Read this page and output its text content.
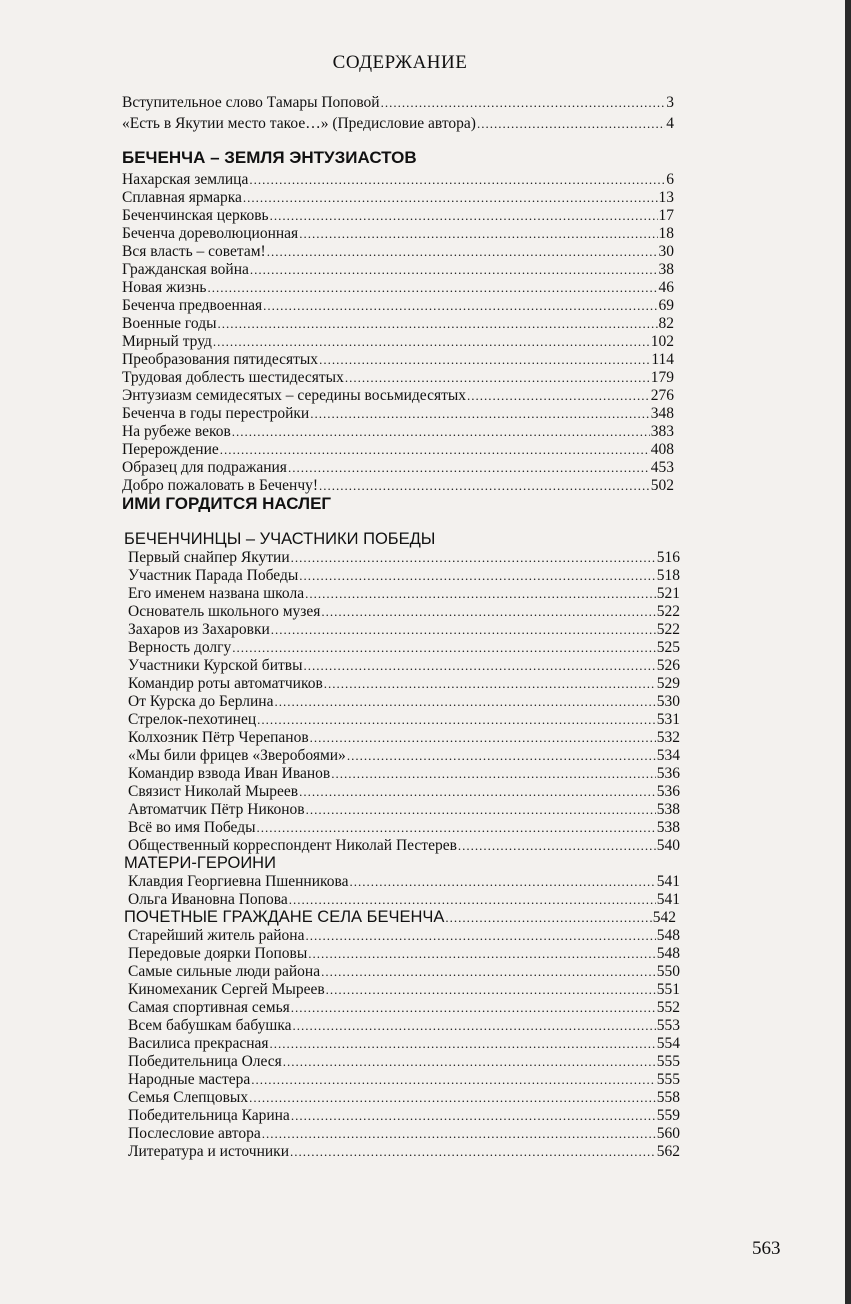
СОДЕРЖАНИЕ
Вступительное слово Тамары Поповой .....	3
«Есть в Якутии место такое…» (Предисловие автора) .....	4
БЕЧЕНЧА – ЗЕМЛЯ ЭНТУЗИАСТОВ
Нахарская землица .....	6
Сплавная ярмарка .....	13
Беченчинская церковь .....	17
Беченча дореволюционная .....	18
Вся власть – советам! .....	30
Гражданская война .....	38
Новая жизнь .....	46
Беченча предвоенная .....	69
Военные годы .....	82
Мирный труд .....	102
Преобразования пятидесятых .....	114
Трудовая доблесть шестидесятых .....	179
Энтузиазм семидесятых – середины восьмидесятых .....	276
Беченча в годы перестройки .....	348
На рубеже веков .....	383
Перерождение .....	408
Образец для подражания .....	453
Добро пожаловать в Беченчу! .....	502
ИМИ ГОРДИТСЯ НАСЛЕГ
БЕЧЕНЧИНЦЫ – УЧАСТНИКИ ПОБЕДЫ
Первый снайпер Якутии .....	516
Участник Парада Победы .....	518
Его именем названа школа .....	521
Основатель школьного музея .....	522
Захаров из Захаровки .....	522
Верность долгу .....	525
Участники Курской битвы .....	526
Командир роты автоматчиков .....	529
От Курска до Берлина .....	530
Стрелок-пехотинец .....	531
Колхозник Пётр Черепанов .....	532
«Мы били фрицев «Зверобоями» .....	534
Командир взвода Иван Иванов .....	536
Связист Николай Мыреев .....	536
Автоматчик Пётр Никонов .....	538
Всё во имя Победы .....	538
Общественный корреспондент Николай Пестерев .....	540
МАТЕРИ-ГЕРОИНИ
Клавдия Георгиевна Пшенникова .....	541
Ольга Ивановна Попова .....	541
ПОЧЕТНЫЕ ГРАЖДАНЕ СЕЛА БЕЧЕНЧА .....	542
Старейший житель района .....	548
Передовые доярки Поповы .....	548
Самые сильные люди района .....	550
Киномеханик Сергей Мыреев .....	551
Самая спортивная семья .....	552
Всем бабушкам бабушка .....	553
Василиса прекрасная .....	554
Победительница Олеся .....	555
Народные мастера .....	555
Семья Слепцовых .....	558
Победительница Карина .....	559
Послесловие автора .....	560
Литература и источники .....	562
563
